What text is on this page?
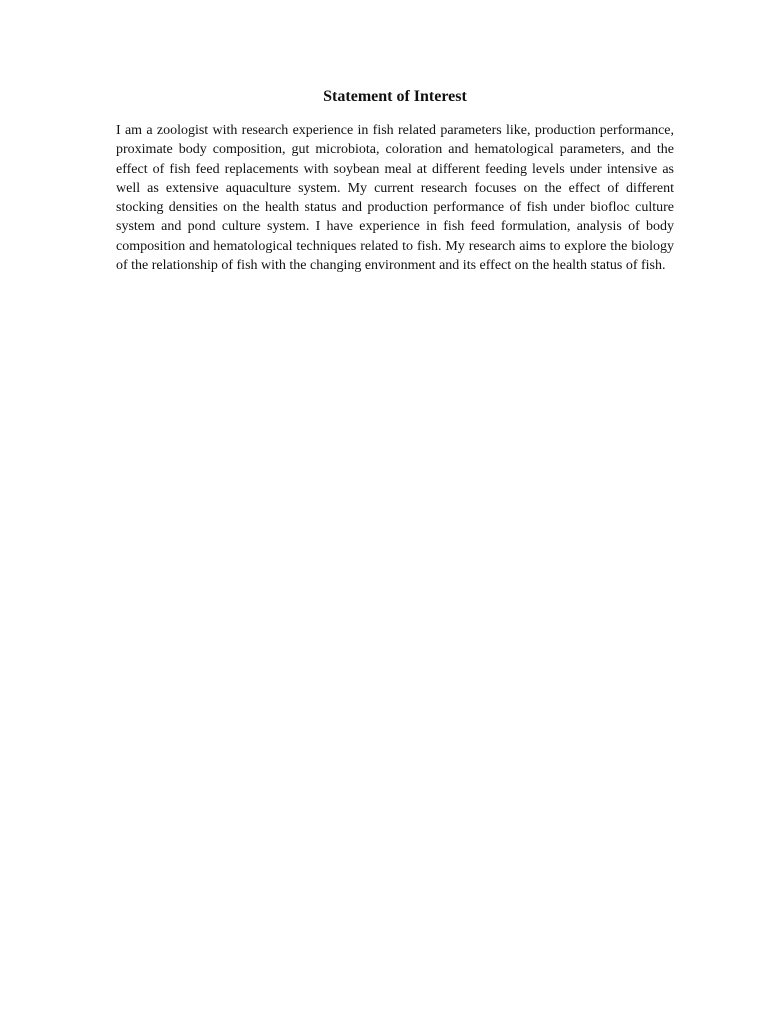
Statement of Interest

I am a zoologist with research experience in fish related parameters like, production performance, proximate body composition, gut microbiota, coloration and hematological parameters, and the effect of fish feed replacements with soybean meal at different feeding levels under intensive as well as extensive aquaculture system. My current research focuses on the effect of different stocking densities on the health status and production performance of fish under biofloc culture system and pond culture system. I have experience in fish feed formulation, analysis of body composition and hematological techniques related to fish. My research aims to explore the biology of the relationship of fish with the changing environment and its effect on the health status of fish.
